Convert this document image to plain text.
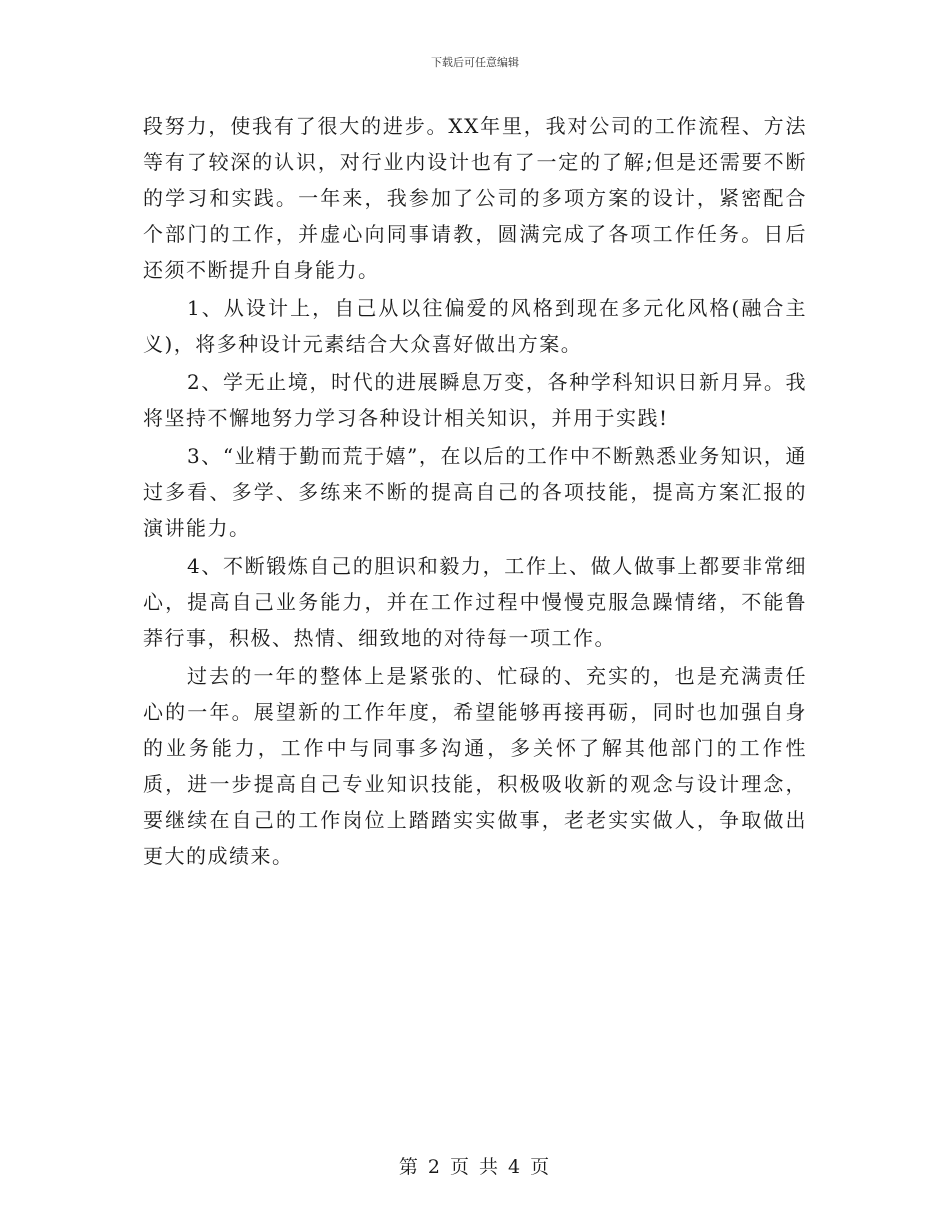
下载后可任意编辑

段努力，使我有了很大的进步。XX年里，我对公司的工作流程、方法等有了较深的认识，对行业内设计也有了一定的了解;但是还需要不断的学习和实践。一年来，我参加了公司的多项方案的设计，紧密配合个部门的工作，并虚心向同事请教，圆满完成了各项工作任务。日后还须不断提升自身能力。

1、从设计上，自己从以往偏爱的风格到现在多元化风格(融合主义)，将多种设计元素结合大众喜好做出方案。

2、学无止境，时代的进展瞬息万变，各种学科知识日新月异。我将坚持不懈地努力学习各种设计相关知识，并用于实践!

3、“业精于勤而荒于嬉”，在以后的工作中不断熟悉业务知识，通过多看、多学、多练来不断的提高自己的各项技能，提高方案汇报的演讲能力。

4、不断锻炼自己的胆识和毅力，工作上、做人做事上都要非常细心，提高自己业务能力，并在工作过程中慢慢克服急躁情绪，不能鲁莽行事，积极、热情、细致地的对待每一项工作。

过去的一年的整体上是紧张的、忙碌的、充实的，也是充满责任心的一年。展望新的工作年度，希望能够再接再砺，同时也加强自身的业务能力，工作中与同事多沟通，多关怀了解其他部门的工作性质，进一步提高自己专业知识技能，积极吸收新的观念与设计理念，要继续在自己的工作岗位上踏踏实实做事，老老实实做人，争取做出更大的成绩来。

第 2 页 共 4 页
